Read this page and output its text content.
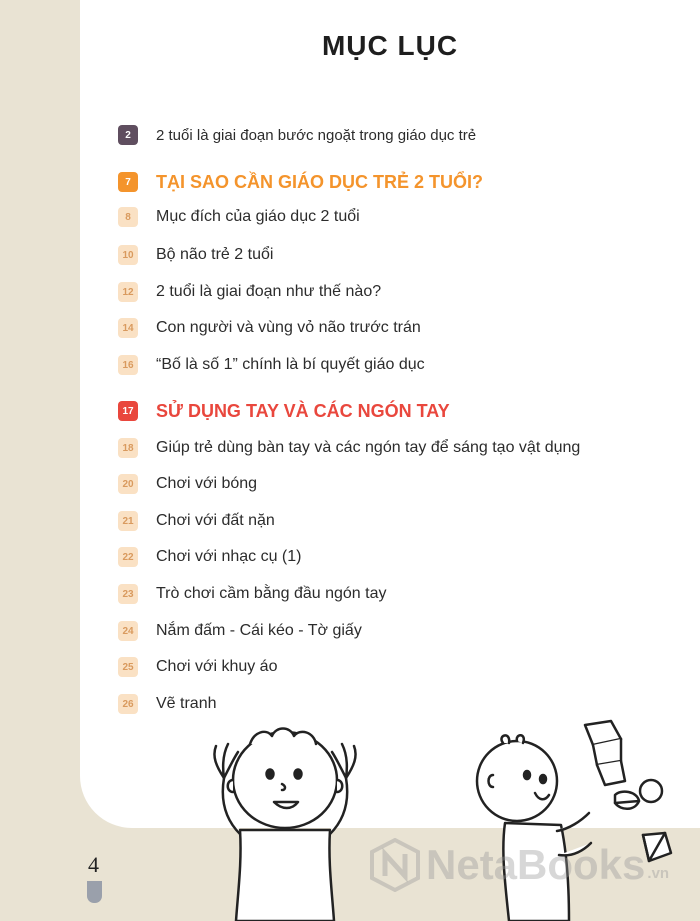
MỤC LỤC
2	2 tuổi là giai đoạn bước ngoặt trong giáo dục trẻ
7	TẠI SAO CẦN GIÁO DỤC TRẺ 2 TUỔI?
8	Mục đích của giáo dục 2 tuổi
10 Bộ não trẻ 2 tuổi
12 2 tuổi là giai đoạn như thế nào?
14 Con người và vùng vỏ não trước trán
16 “Bố là số 1” chính là bí quyết giáo dục
17 SỬ DỤNG TAY VÀ CÁC NGÓN TAY
18 Giúp trẻ dùng bàn tay và các ngón tay để sáng tạo vật dụng
20 Chơi với bóng
21 Chơi với đất nặn
22 Chơi với nhạc cụ (1)
23 Trò chơi cầm bằng đầu ngón tay
24 Nắm đấm - Cái kéo - Tờ giấy
25 Chơi với khuy áo
26 Vẽ tranh
4	NetaBooks .vn
